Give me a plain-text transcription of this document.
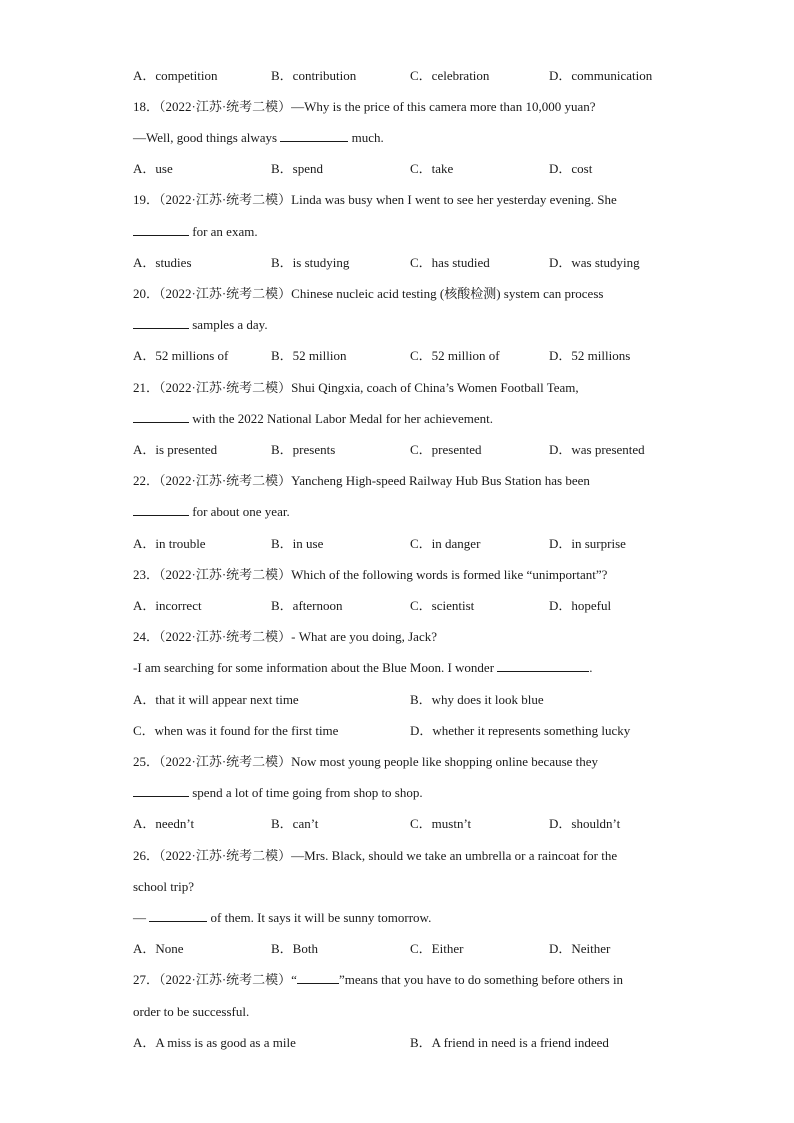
A．competition	B．contribution	C．celebration	D．communication
18．（2022·江苏·统考二模）—Why is the price of this camera more than 10,000 yuan?
—Well, good things always	much.
A．use	B．spend	C．take	D．cost
19．（2022·江苏·统考二模）Linda was busy when I went to see her yesterday evening. She
for an exam.
A．studies	B．is studying	C．has studied	D．was studying
20．（2022·江苏·统考二模）Chinese nucleic acid testing (核酸检测) system can process
samples a day.
A．52 millions of	B．52 million	C．52 million of	D．52 millions
21．（2022·江苏·统考二模）Shui Qingxia, coach of China’s Women Football Team,
with the 2022 National Labor Medal for her achievement.
A．is presented	B．presents	C．presented	D．was presented
22．（2022·江苏·统考二模）Yancheng High-speed Railway Hub Bus Station has been
for about one year.
A．in trouble	B．in use	C．in danger	D．in surprise
23．（2022·江苏·统考二模）Which of the following words is formed like “unimportant”?
A．incorrect	B．afternoon	C．scientist	D．hopeful
24．（2022·江苏·统考二模）- What are you doing, Jack?
-I am searching for some information about the Blue Moon. I wonder	.
A．that it will appear next time	B．why does it look blue
C．when was it found for the first time	D．whether it represents something lucky
25．（2022·江苏·统考二模）Now most young people like shopping online because they
spend a lot of time going from shop to shop.
A．needn’t	B．can’t	C．mustn’t	D．shouldn’t
26．（2022·江苏·统考二模）—Mrs. Black, should we take an umbrella or a raincoat for the
school trip?
—	of them. It says it will be sunny tomorrow.
A．None	B．Both	C．Either	D．Neither
27．（2022·江苏·统考二模）“	”means that you have to do something before others in
order to be successful.
A．A miss is as good as a mile	B．A friend in need is a friend indeed
